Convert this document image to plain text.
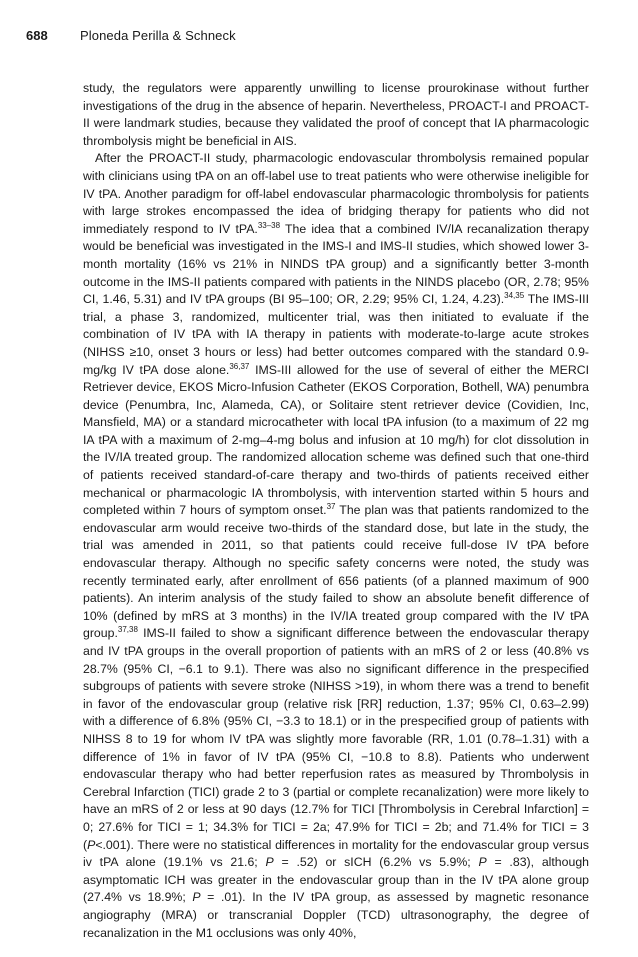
688 Ploneda Perilla & Schneck

study, the regulators were apparently unwilling to license prourokinase without further investigations of the drug in the absence of heparin. Nevertheless, PROACT-I and PROACT-II were landmark studies, because they validated the proof of concept that IA pharmacologic thrombolysis might be beneficial in AIS.

After the PROACT-II study, pharmacologic endovascular thrombolysis remained popular with clinicians using tPA on an off-label use to treat patients who were otherwise ineligible for IV tPA. Another paradigm for off-label endovascular pharmacologic thrombolysis for patients with large strokes encompassed the idea of bridging therapy for patients who did not immediately respond to IV tPA.$^{33-38}$ The idea that a combined IV/IA recanalization therapy would be beneficial was investigated in the IMS-I and IMS-II studies, which showed lower 3-month mortality (16% vs 21% in NINDS tPA group) and a significantly better 3-month outcome in the IMS-II patients compared with patients in the NINDS placebo (OR, 2.78; 95% CI, 1.46, 5.31) and IV tPA groups (BI 95–100; OR, 2.29; 95% CI, 1.24, 4.23).$^{34,35}$ The IMS-III trial, a phase 3, randomized, multicenter trial, was then initiated to evaluate if the combination of IV tPA with IA therapy in patients with moderate-to-large acute strokes (NIHSS ≥10, onset 3 hours or less) had better outcomes compared with the standard 0.9-mg/kg IV tPA dose alone.$^{36,37}$ IMS-III allowed for the use of several of either the MERCI Retriever device, EKOS Micro-Infusion Catheter (EKOS Corporation, Bothell, WA) penumbra device (Penumbra, Inc, Alameda, CA), or Solitaire stent retriever device (Covidien, Inc, Mansfield, MA) or a standard microcatheter with local tPA infusion (to a maximum of 22 mg IA tPA with a maximum of 2-mg–4-mg bolus and infusion at 10 mg/h) for clot dissolution in the IV/IA treated group. The randomized allocation scheme was defined such that one-third of patients received standard-of-care therapy and two-thirds of patients received either mechanical or pharmacologic IA thrombolysis, with intervention started within 5 hours and completed within 7 hours of symptom onset.$^{37}$ The plan was that patients randomized to the endovascular arm would receive two-thirds of the standard dose, but late in the study, the trial was amended in 2011, so that patients could receive full-dose IV tPA before endovascular therapy. Although no specific safety concerns were noted, the study was recently terminated early, after enrollment of 656 patients (of a planned maximum of 900 patients). An interim analysis of the study failed to show an absolute benefit difference of 10% (defined by mRS at 3 months) in the IV/IA treated group compared with the IV tPA group.$^{37,38}$ IMS-II failed to show a significant difference between the endovascular therapy and IV tPA groups in the overall proportion of patients with an mRS of 2 or less (40.8% vs 28.7% (95% CI, −6.1 to 9.1). There was also no significant difference in the prespecified subgroups of patients with severe stroke (NIHSS >19), in whom there was a trend to benefit in favor of the endovascular group (relative risk [RR] reduction, 1.37; 95% CI, 0.63–2.99) with a difference of 6.8% (95% CI, −3.3 to 18.1) or in the prespecified group of patients with NIHSS 8 to 19 for whom IV tPA was slightly more favorable (RR, 1.01 (0.78–1.31) with a difference of 1% in favor of IV tPA (95% CI, −10.8 to 8.8). Patients who underwent endovascular therapy who had better reperfusion rates as measured by Thrombolysis in Cerebral Infarction (TICI) grade 2 to 3 (partial or complete recanalization) were more likely to have an mRS of 2 or less at 90 days (12.7% for TICI [Thrombolysis in Cerebral Infarction] = 0; 27.6% for TICI = 1; 34.3% for TICI = 2a; 47.9% for TICI = 2b; and 71.4% for TICI = 3 (P<.001). There were no statistical differences in mortality for the endovascular group versus iv tPA alone (19.1% vs 21.6; P = .52) or sICH (6.2% vs 5.9%; P = .83), although asymptomatic ICH was greater in the endovascular group than in the IV tPA alone group (27.4% vs 18.9%; P = .01). In the IV tPA group, as assessed by magnetic resonance angiography (MRA) or transcranial Doppler (TCD) ultrasonography, the degree of recanalization in the M1 occlusions was only 40%,
